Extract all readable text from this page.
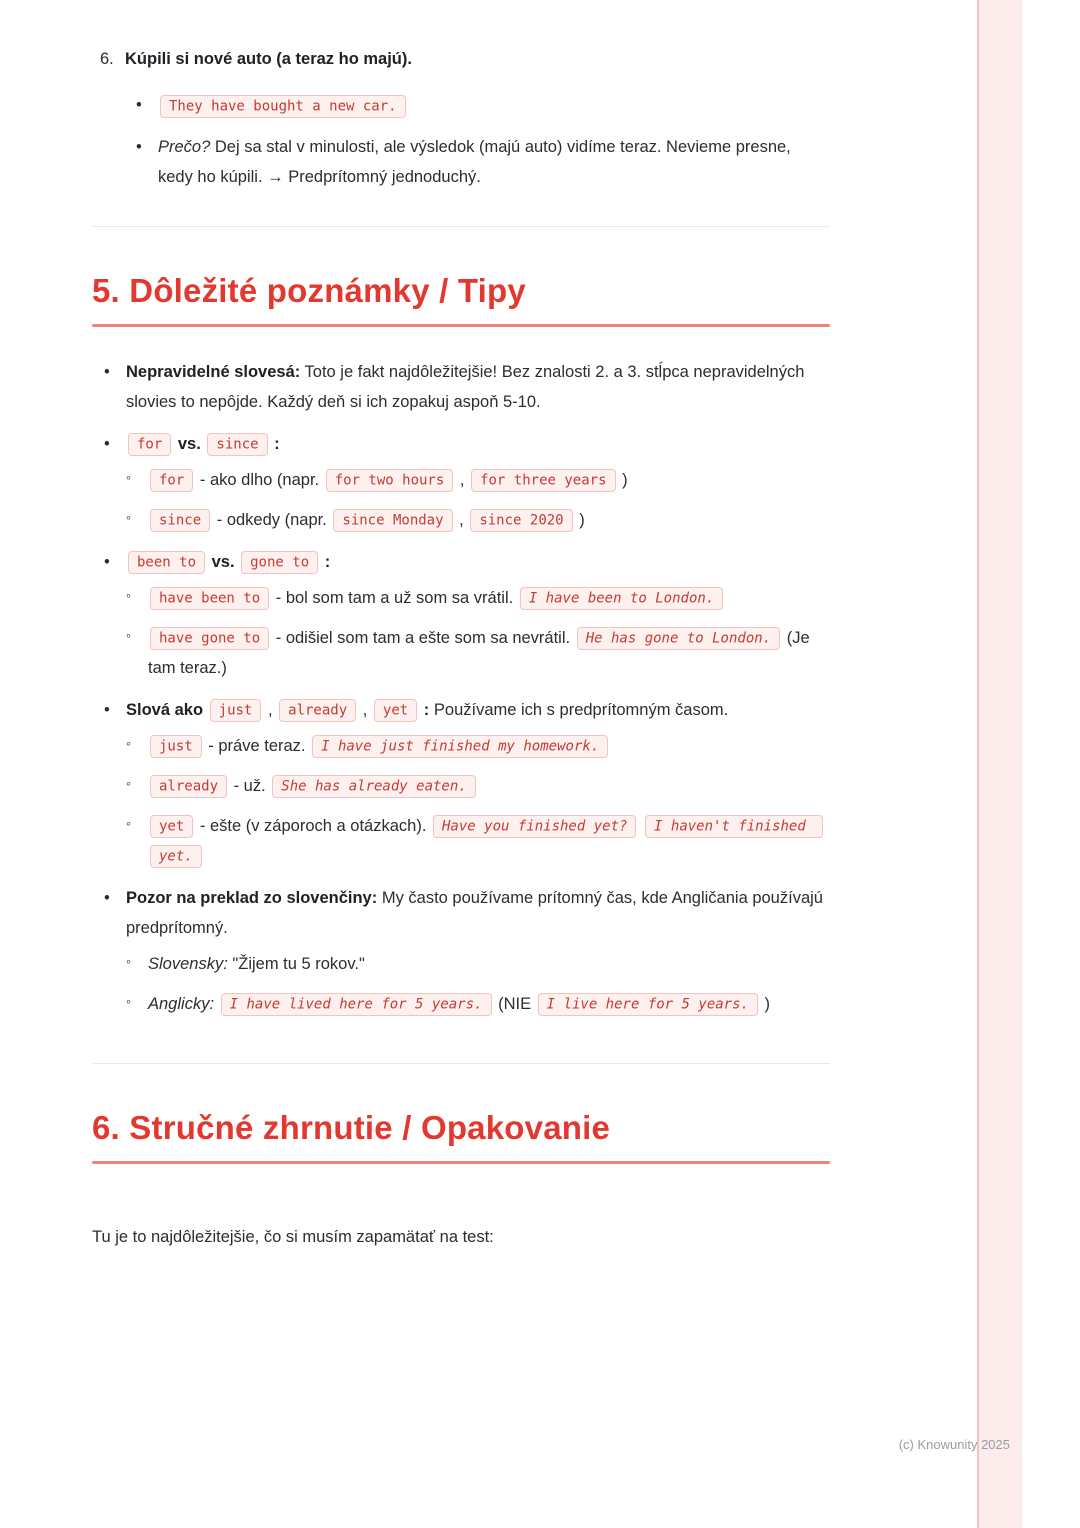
6. Kúpili si nové auto (a teraz ho majú).
•	They have bought a new car.
• Prečo? Dej sa stal v minulosti, ale výsledok (majú auto) vidíme teraz. Nevieme presne, kedy ho kúpili. → Predprítomný jednoduchý.
5. Dôležité poznámky / Tipy
• Nepravidelné slovesá: Toto je fakt najdôležitejšie! Bez znalosti 2. a 3. stĺpca nepravidelných slovies to nepôjde. Každý deň si ich zopakuj aspoň 5-10.
•	for vs. since :
◦	for - ako dlho (napr. for two hours , for three years )
◦	since - odkedy (napr. since Monday , since 2020 )
•	been to vs. gone to :
◦	have been to - bol som tam a už som sa vrátil. I have been to London.
◦	have gone to - odišiel som tam a ešte som sa nevrátil. He has gone to London. (Je tam teraz.)
• Slová ako just , already , yet : Používame ich s predprítomným časom.
◦	just - práve teraz. I have just finished my homework.
◦	already - už. She has already eaten.
◦	yet - ešte (v záporoch a otázkach). Have you finished yet? I haven't finished yet.
• Pozor na preklad zo slovenčiny: My často používame prítomný čas, kde Angličania používajú predprítomný.
◦	Slovensky: "Žijem tu 5 rokov."
◦	Anglicky: I have lived here for 5 years. (NIE I live here for 5 years. )
6. Stručné zhrnutie / Opakovanie

Tu je to najdôležitejšie, čo si musím zapamätať na test:

(c) Knowunity 2025
